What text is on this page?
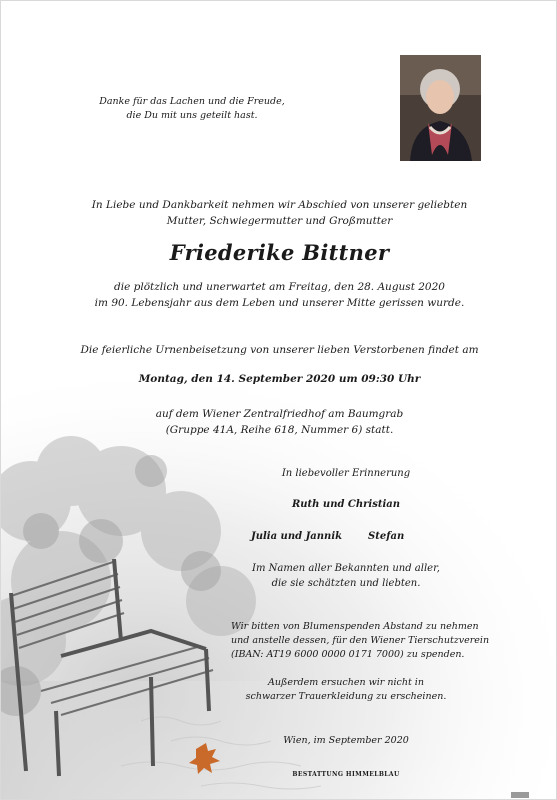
Danke für das Lachen und die Freude,
die Du mit uns geteilt hast.
In Liebe und Dankbarkeit nehmen wir Abschied von unserer geliebten
Mutter, Schwiegermutter und Großmutter
Friederike Bittner
die plötzlich und unerwartet am Freitag, den 28. August 2020
im 90. Lebensjahr aus dem Leben und unserer Mitte gerissen wurde.
Die feierliche Urnenbeisetzung von unserer lieben Verstorbenen findet am
Montag, den 14. September 2020 um 09:30 Uhr
auf dem Wiener Zentralfriedhof am Baumgrab
(Gruppe 41A, Reihe 618, Nummer 6) statt.
In liebevoller Erinnerung
Ruth und Christian
Julia und Jannik	Stefan
Im Namen aller Bekannten und aller,
die sie schätzten und liebten.
Wir bitten von Blumenspenden Abstand zu nehmen
und anstelle dessen, für den Wiener Tierschutzverein
(IBAN: AT19 6000 0000 0171 7000) zu spenden.
Außerdem ersuchen wir nicht in
schwarzer Trauerkleidung zu erscheinen.
Wien, im September 2020
BESTATTUNG HIMMELBLAU
